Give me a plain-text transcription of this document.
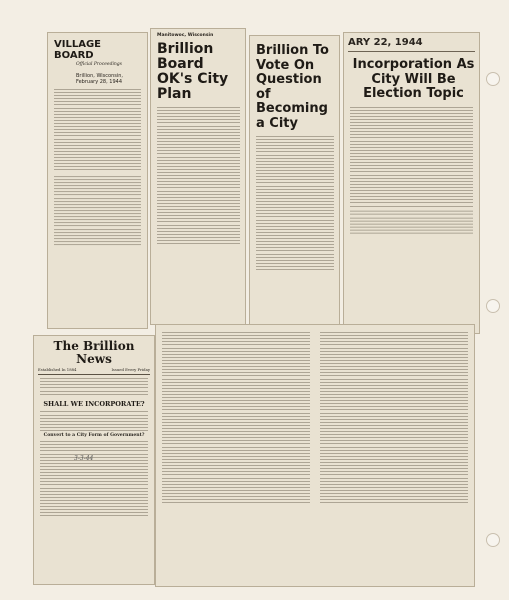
VILLAGE BOARD
Official Proceedings
Brillion, Wisconsin, February 28, 1944
Manitowoc, Wisconsin
Brillion Board OK's City Plan
Brillion To Vote On Question of Becoming a City
ARY 22, 1944
Incorporation As City Will Be Election Topic
The Brillion News
Established In 1884	Issued Every Friday
SHALL WE INCORPORATE?
Convert to a City Form of Government?
3-3-44
